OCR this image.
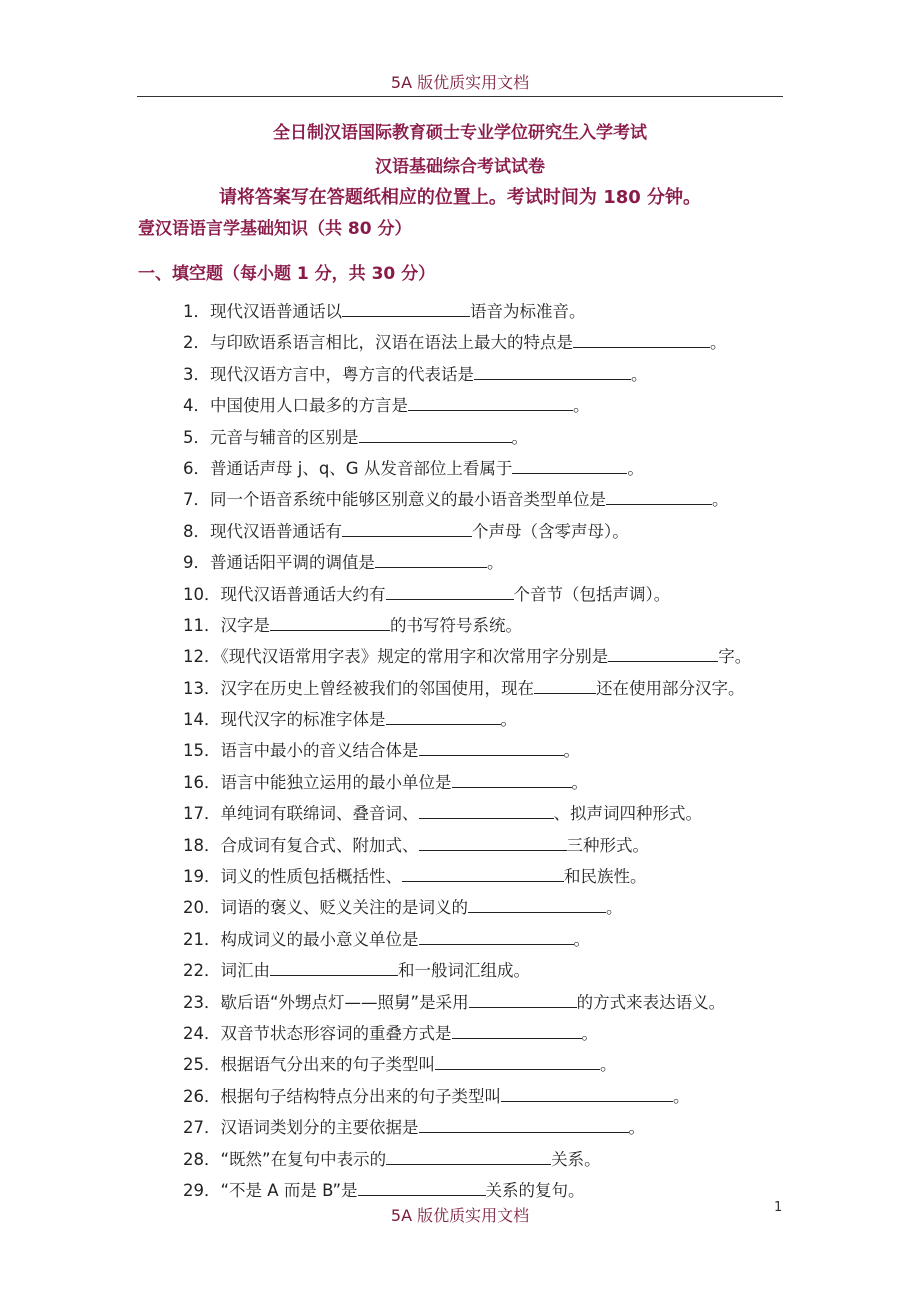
5A 版优质实用文档
全日制汉语国际教育硕士专业学位研究生入学考试
汉语基础综合考试试卷
请将答案写在答题纸相应的位置上。考试时间为 180 分钟。
壹汉语语言学基础知识（共 80 分）
一、填空题（每小题 1 分，共 30 分）
1．现代汉语普通话以	语音为标准音。
2．与印欧语系语言相比，汉语在语法上最大的特点是	。
3．现代汉语方言中，粤方言的代表话是	。
4．中国使用人口最多的方言是	。
5．元音与辅音的区别是	。
6．普通话声母 j、q、G 从发音部位上看属于	。
7．同一个语音系统中能够区别意义的最小语音类型单位是	。
8．现代汉语普通话有	个声母（含零声母）。
9．普通话阳平调的调值是	。
10．现代汉语普通话大约有	个音节（包括声调）。
11．汉字是	的书写符号系统。
12．《现代汉语常用字表》规定的常用字和次常用字分别是	字。
13．汉字在历史上曾经被我们的邻国使用，现在	还在使用部分汉字。
14．现代汉字的标准字体是	。
15．语言中最小的音义结合体是	。
16．语言中能独立运用的最小单位是	。
17．单纯词有联绵词、叠音词、	、拟声词四种形式。
18．合成词有复合式、附加式、	三种形式。
19．词义的性质包括概括性、	和民族性。
20．词语的褒义、贬义关注的是词义的	。
21．构成词义的最小意义单位是	。
22．词汇由	和一般词汇组成。
23．歇后语“外甥点灯——照舅”是采用	的方式来表达语义。
24．双音节状态形容词的重叠方式是	。
25．根据语气分出来的句子类型叫	。
26．根据句子结构特点分出来的句子类型叫	。
27．汉语词类划分的主要依据是	。
28．“既然”在复句中表示的	关系。
29．“不是 A 而是 B”是	关系的复句。
1
5A 版优质实用文档
